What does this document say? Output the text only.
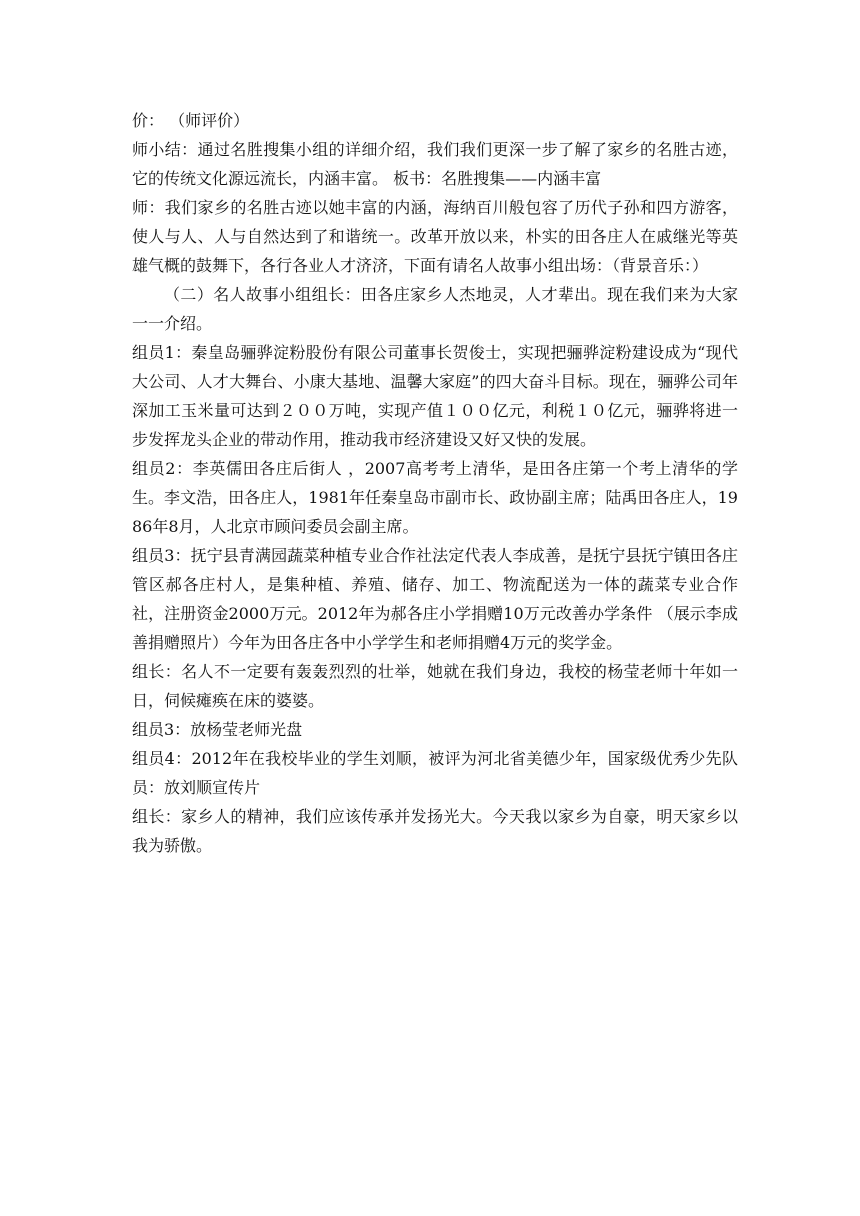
价： （师评价）

师小结：通过名胜搜集小组的详细介绍，我们我们更深一步了解了家乡的名胜古迹，它的传统文化源远流长，内涵丰富。 板书：名胜搜集——内涵丰富

师：我们家乡的名胜古迹以她丰富的内涵，海纳百川般包容了历代子孙和四方游客，使人与人、人与自然达到了和谐统一。改革开放以来，朴实的田各庄人在戚继光等英雄气概的鼓舞下，各行各业人才济济，下面有请名人故事小组出场：（背景音乐：）

（二）名人故事小组组长：田各庄家乡人杰地灵，人才辈出。现在我们来为大家一一介绍。

组员1：秦皇岛骊骅淀粉股份有限公司董事长贺俊士，实现把骊骅淀粉建设成为“现代大公司、人才大舞台、小康大基地、温馨大家庭”的四大奋斗目标。现在，骊骅公司年深加工玉米量可达到２００万吨，实现产值１００亿元，利税１０亿元，骊骅将进一步发挥龙头企业的带动作用，推动我市经济建设又好又快的发展。

组员2：李英儒田各庄后街人 ，2007高考考上清华，是田各庄第一个考上清华的学生。李文浩，田各庄人，1981年任秦皇岛市副市长、政协副主席；陆禹田各庄人，1986年8月，人北京市顾问委员会副主席。

组员3：抚宁县青满园蔬菜种植专业合作社法定代表人李成善，是抚宁县抚宁镇田各庄管区郝各庄村人，是集种植、养殖、储存、加工、物流配送为一体的蔬菜专业合作社，注册资金2000万元。2012年为郝各庄小学捐赠10万元改善办学条件 （展示李成善捐赠照片）今年为田各庄各中小学学生和老师捐赠4万元的奖学金。

组长：名人不一定要有轰轰烈烈的壮举，她就在我们身边，我校的杨莹老师十年如一日，伺候瘫痪在床的婆婆。

组员3：放杨莹老师光盘

组员4：2012年在我校毕业的学生刘顺，被评为河北省美德少年，国家级优秀少先队员：放刘顺宣传片

组长：家乡人的精神，我们应该传承并发扬光大。今天我以家乡为自豪，明天家乡以我为骄傲。
